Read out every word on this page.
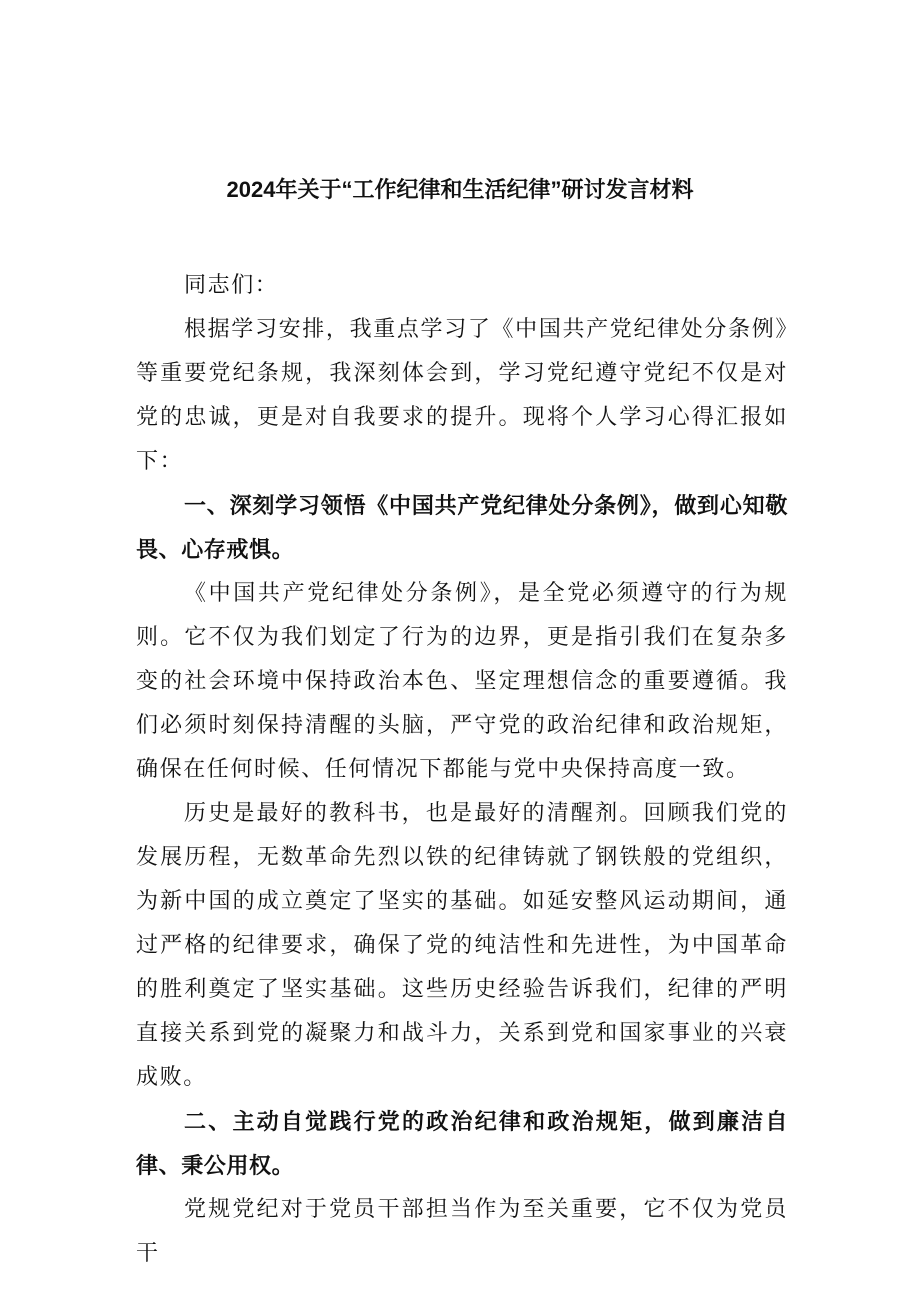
2024年关于“工作纪律和生活纪律”研讨发言材料

同志们：

根据学习安排，我重点学习了《中国共产党纪律处分条例》等重要党纪条规，我深刻体会到，学习党纪遵守党纪不仅是对党的忠诚，更是对自我要求的提升。现将个人学习心得汇报如下：

一、深刻学习领悟《中国共产党纪律处分条例》，做到心知敬畏、心存戒惧。

《中国共产党纪律处分条例》，是全党必须遵守的行为规则。它不仅为我们划定了行为的边界，更是指引我们在复杂多变的社会环境中保持政治本色、坚定理想信念的重要遵循。我们必须时刻保持清醒的头脑，严守党的政治纪律和政治规矩，确保在任何时候、任何情况下都能与党中央保持高度一致。

历史是最好的教科书，也是最好的清醒剂。回顾我们党的发展历程，无数革命先烈以铁的纪律铸就了钢铁般的党组织，为新中国的成立奠定了坚实的基础。如延安整风运动期间，通过严格的纪律要求，确保了党的纯洁性和先进性，为中国革命的胜利奠定了坚实基础。这些历史经验告诉我们，纪律的严明直接关系到党的凝聚力和战斗力，关系到党和国家事业的兴衰成败。

二、主动自觉践行党的政治纪律和政治规矩，做到廉洁自律、秉公用权。

党规党纪对于党员干部担当作为至关重要，它不仅为党员干
